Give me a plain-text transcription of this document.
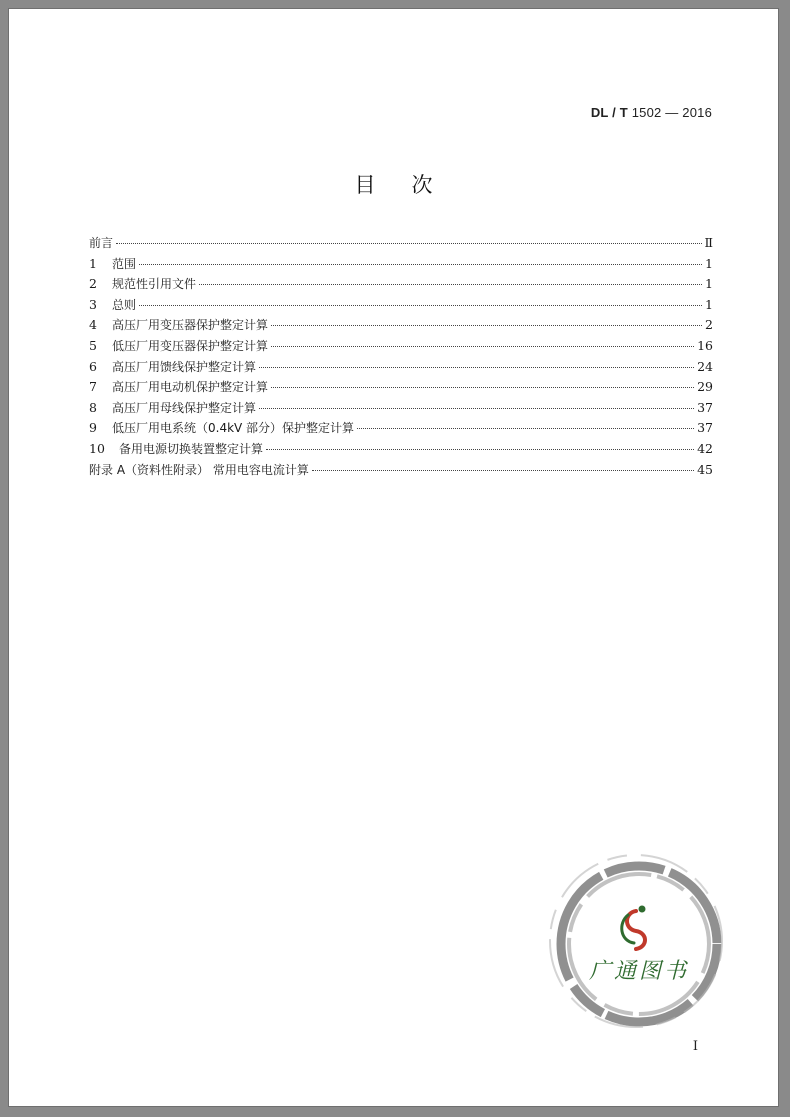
DL / T 1502 — 2016
目次
前言	Ⅱ
1	范围	1
2	规范性引用文件	1
3	总则	1
4	高压厂用变压器保护整定计算	2
5	低压厂用变压器保护整定计算	16
6	高压厂用馈线保护整定计算	24
7	高压厂用电动机保护整定计算	29
8	高压厂用母线保护整定计算	37
9	低压厂用电系统（0.4kV 部分）保护整定计算	37
10	备用电源切换装置整定计算	42
附录 A（资料性附录） 常用电容电流计算	45
广通图书
I
